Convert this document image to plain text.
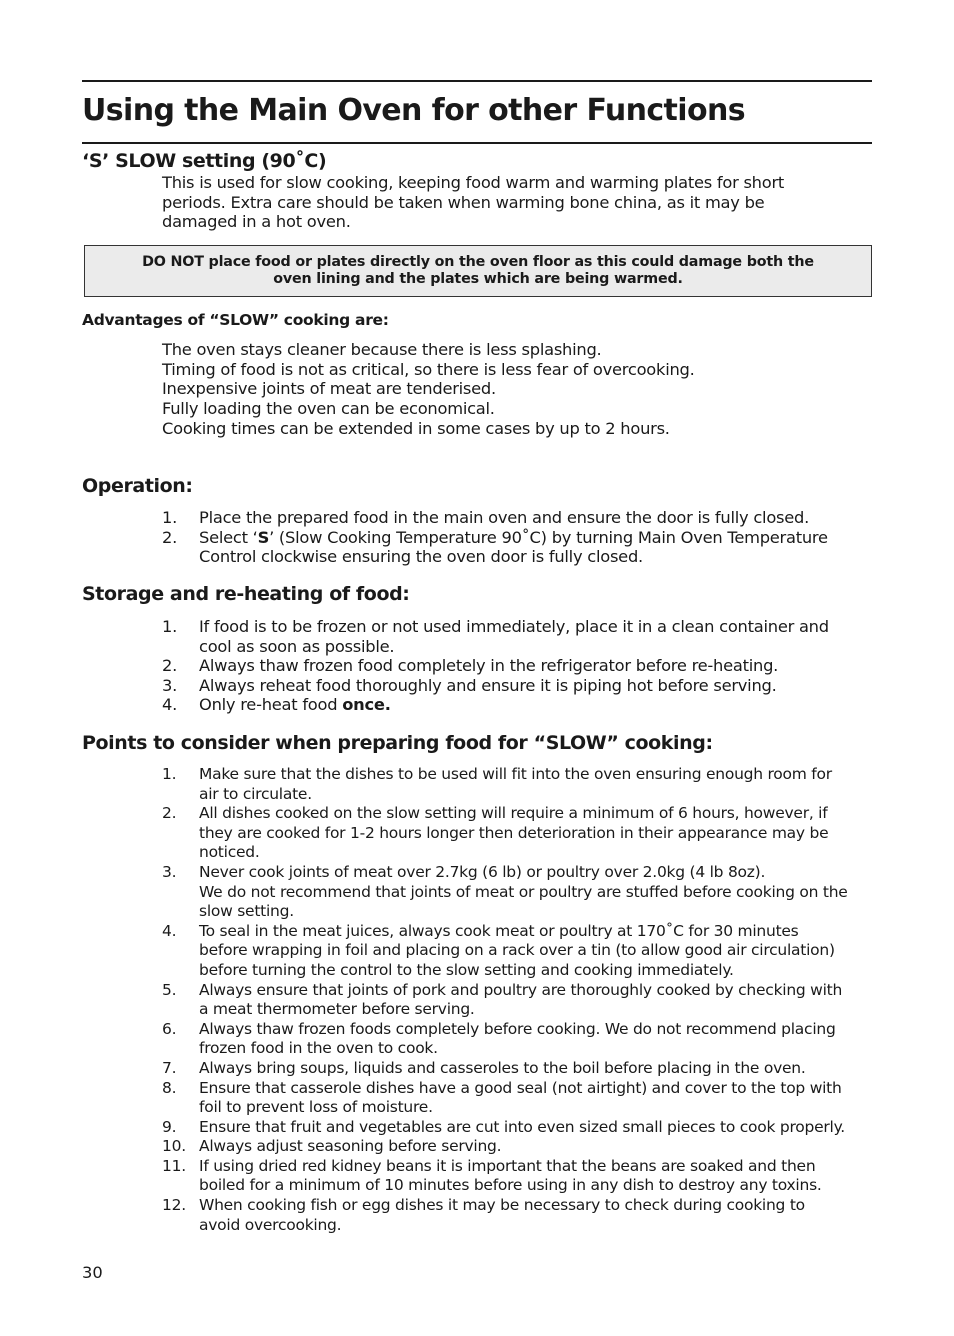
Using the Main Oven for other Functions
‘S’ SLOW setting (90˚C)

This is used for slow cooking, keeping food warm and warming plates for short periods. Extra care should be taken when warming bone china, as it may be damaged in a hot oven.

DO NOT place food or plates directly on the oven floor as this could damage both the oven lining and the plates which are being warmed.
Advantages of “SLOW” cooking are:
The oven stays cleaner because there is less splashing.
Timing of food is not as critical, so there is less fear of overcooking.
Inexpensive joints of meat are tenderised.
Fully loading the oven can be economical.
Cooking times can be extended in some cases by up to 2 hours.
Operation:
1.	Place the prepared food in the main oven and ensure the door is fully closed.
2.	Select ‘S’ (Slow Cooking Temperature 90˚C) by turning Main Oven Temperature Control clockwise ensuring the oven door is fully closed.
Storage and re-heating of food:
1.	If food is to be frozen or not used immediately, place it in a clean container and cool as soon as possible.
2.	Always thaw frozen food completely in the refrigerator before re-heating.
3.	Always reheat food thoroughly and ensure it is piping hot before serving.
4.	Only re-heat food once.
Points to consider when preparing food for “SLOW” cooking:
1.	Make sure that the dishes to be used will fit into the oven ensuring enough room for air to circulate.
2.	All dishes cooked on the slow setting will require a minimum of 6 hours, however, if they are cooked for 1-2 hours longer then deterioration in their appearance may be noticed.
3.	Never cook joints of meat over 2.7kg (6 lb) or poultry over 2.0kg (4 lb 8oz).
We do not recommend that joints of meat or poultry are stuffed before cooking on the slow setting.
4.	To seal in the meat juices, always cook meat or poultry at 170˚C for 30 minutes before wrapping in foil and placing on a rack over a tin (to allow good air circulation) before turning the control to the slow setting and cooking immediately.
5.	Always ensure that joints of pork and poultry are thoroughly cooked by checking with a meat thermometer before serving.
6.	Always thaw frozen foods completely before cooking. We do not recommend placing frozen food in the oven to cook.
7.	Always bring soups, liquids and casseroles to the boil before placing in the oven.
8.	Ensure that casserole dishes have a good seal (not airtight) and cover to the top with foil to prevent loss of moisture.
9.	Ensure that fruit and vegetables are cut into even sized small pieces to cook properly.
10. Always adjust seasoning before serving.
11. If using dried red kidney beans it is important that the beans are soaked and then boiled for a minimum of 10 minutes before using in any dish to destroy any toxins.
12. When cooking fish or egg dishes it may be necessary to check during cooking to avoid overcooking.
30
